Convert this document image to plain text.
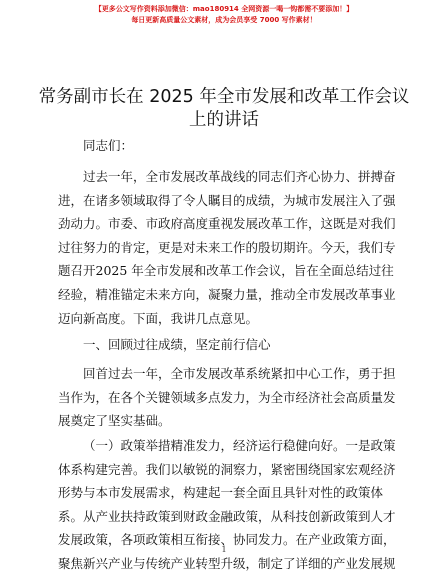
【更多公文写作资料添加微信：mao180914 全网资源一喝一钩都需不要添加！】
每日更新高质量公文素材，成为会员享受 7000 写作素材！
常务副市长在 2025 年全市发展和改革工作会议
上的讲话

同志们：

过去一年，全市发展改革战线的同志们齐心协力、拼搏奋
进，在诸多领域取得了令人瞩目的成绩，为城市发展注入了强
劲动力。市委、市政府高度重视发展改革工作，这既是对我们
过往努力的肯定，更是对未来工作的殷切期许。今天，我们专
题召开2025 年全市发展和改革工作会议，旨在全面总结过往
经验，精准锚定未来方向，凝聚力量，推动全市发展改革事业
迈向新高度。下面，我讲几点意见。

一、回顾过往成绩，坚定前行信心

回首过去一年，全市发展改革系统紧扣中心工作，勇于担
当作为，在各个关键领域多点发力，为全市经济社会高质量发
展奠定了坚实基础。

（一）政策举措精准发力，经济运行稳健向好。一是政策
体系构建完善。我们以敏锐的洞察力，紧密围绕国家宏观经济
形势与本市发展需求，构建起一套全面且具针对性的政策体
系。从产业扶持政策到财政金融政策，从科技创新政策到人才
发展政策，各项政策相互衔接、协同发力。在产业政策方面，
聚焦新兴产业与传统产业转型升级，制定了详细的产业发展规

1
